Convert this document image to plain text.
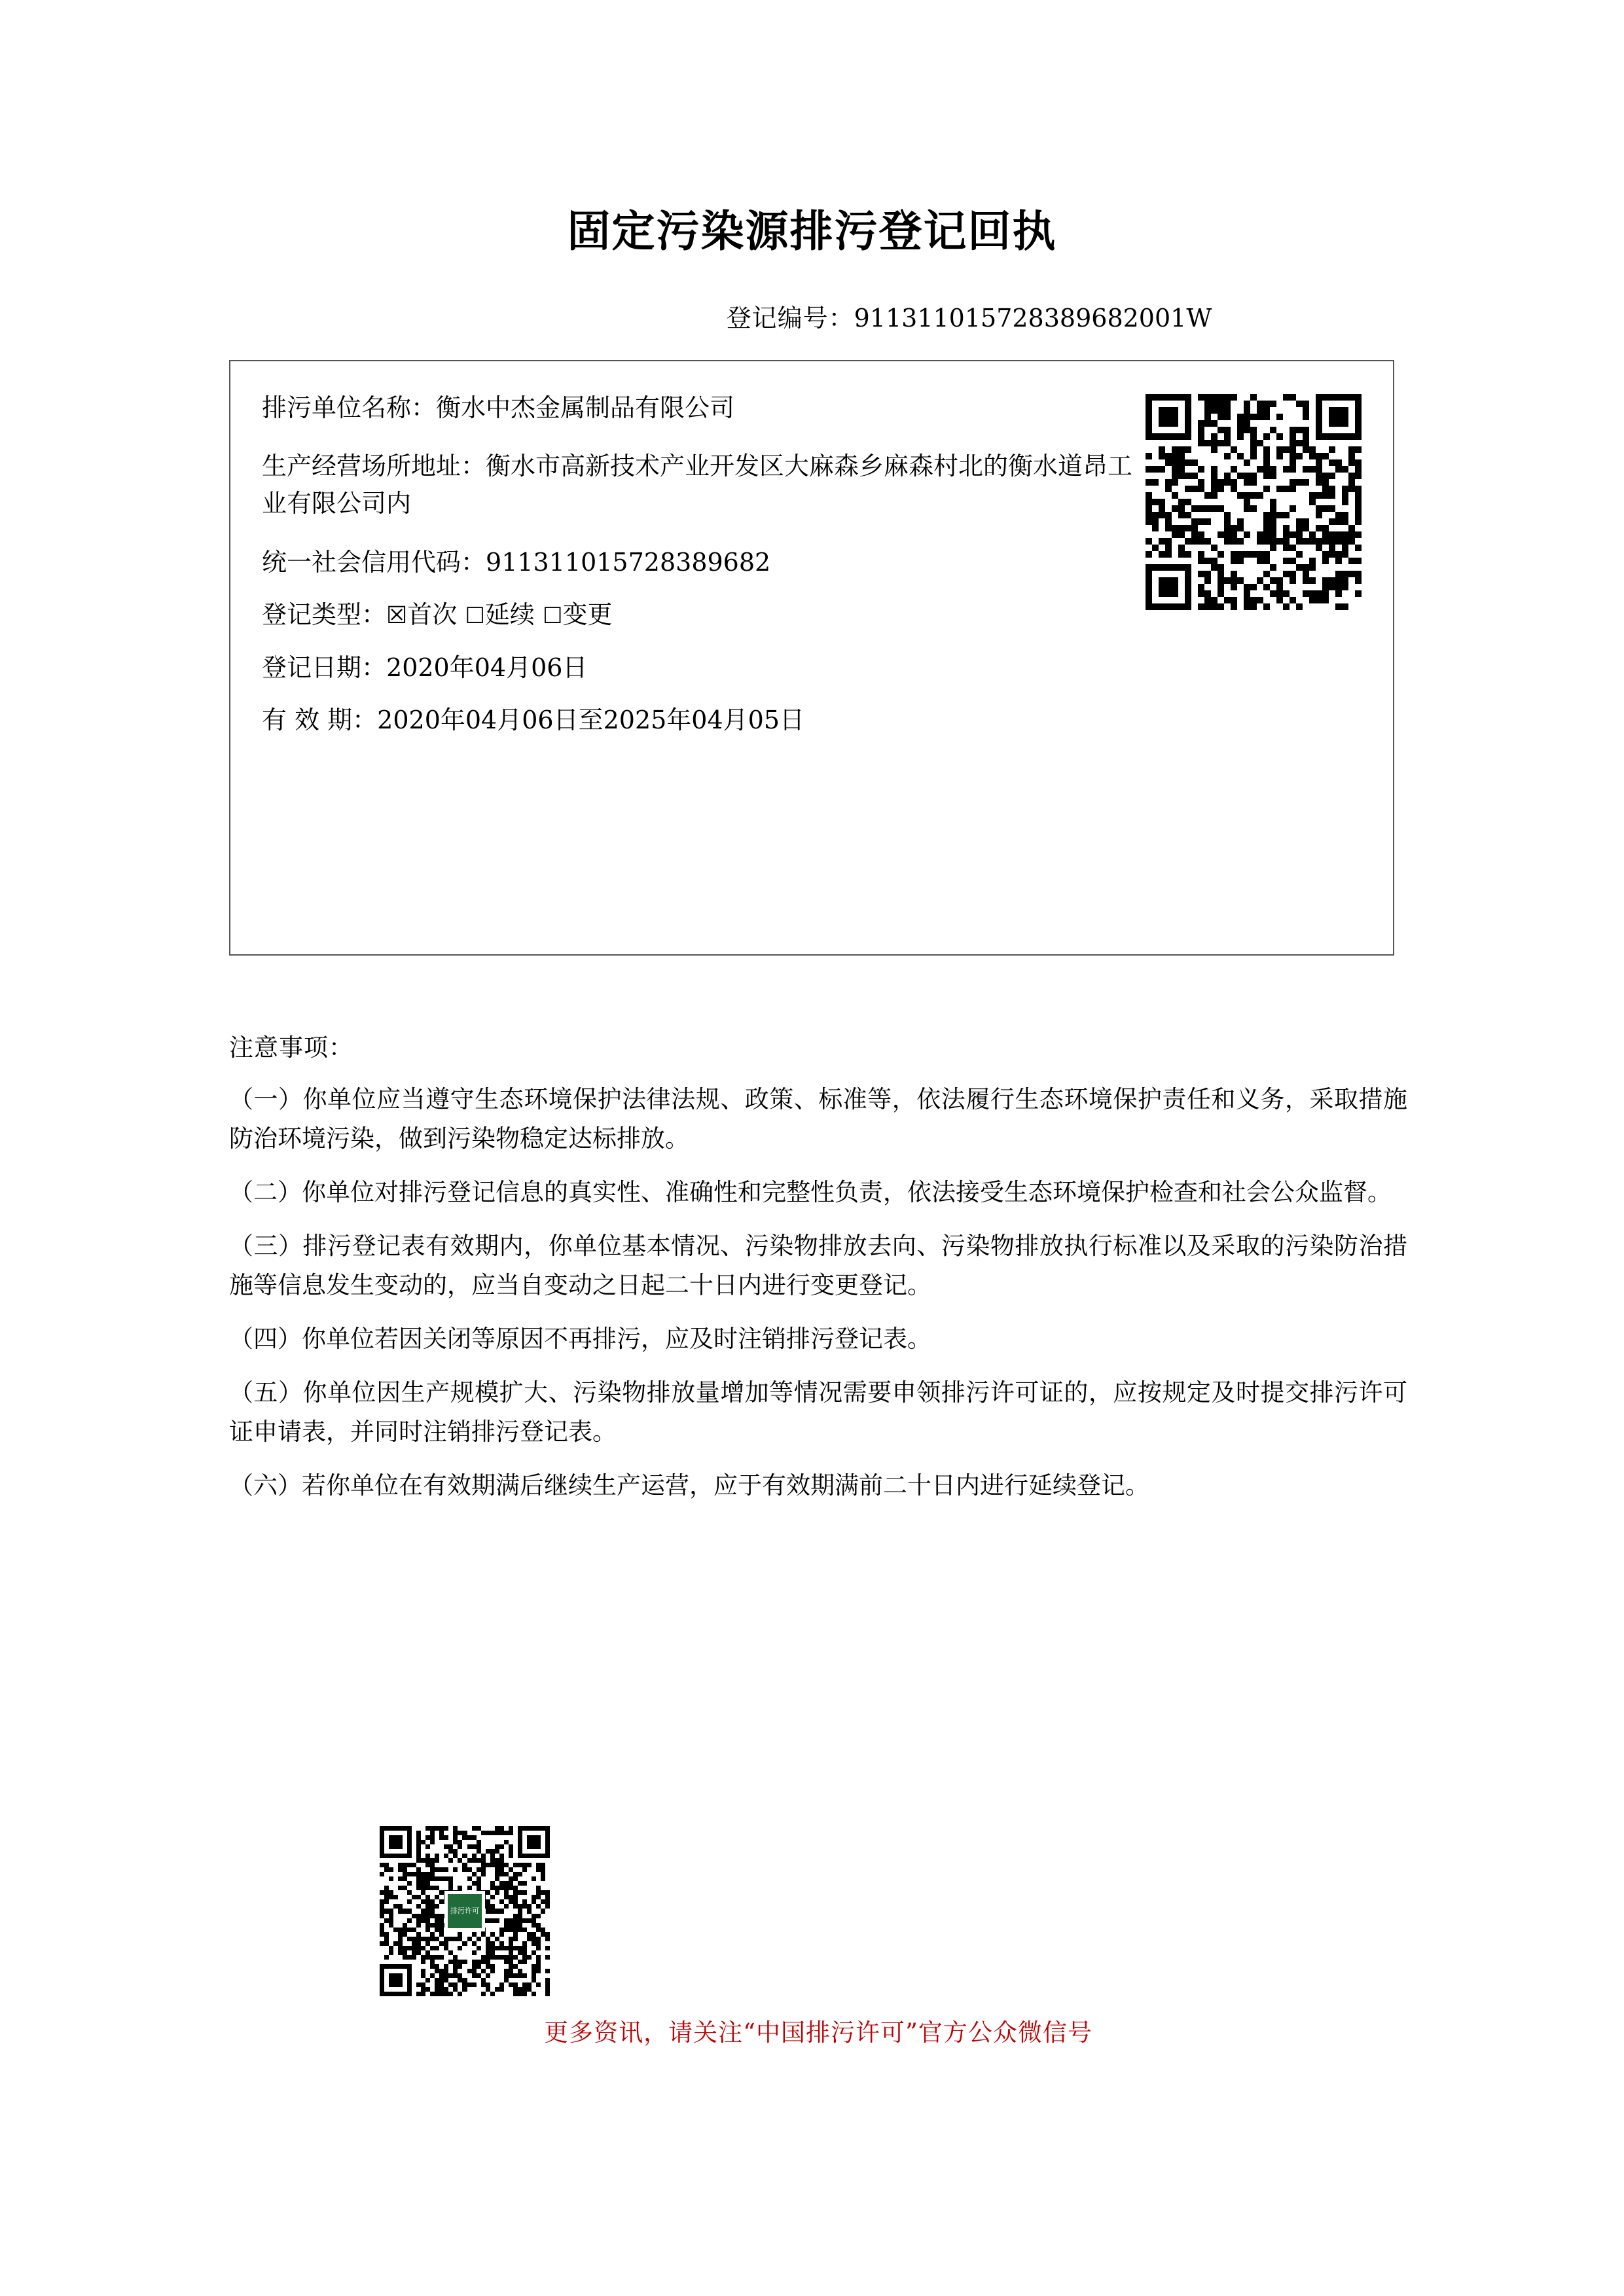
固定污染源排污登记回执
登记编号：911311015728389682001W
排污单位名称：衡水中杰金属制品有限公司
生产经营场所地址：衡水市高新技术产业开发区大麻森乡麻森村北的衡水道昂工业有限公司内
统一社会信用代码：911311015728389682
登记类型：☒首次 ☐延续 ☐变更
登记日期：2020年04月06日
有 效 期：2020年04月06日至2025年04月05日
注意事项：
（一）你单位应当遵守生态环境保护法律法规、政策、标准等，依法履行生态环境保护责任和义务，采取措施防治环境污染，做到污染物稳定达标排放。
（二）你单位对排污登记信息的真实性、准确性和完整性负责，依法接受生态环境保护检查和社会公众监督。
（三）排污登记表有效期内，你单位基本情况、污染物排放去向、污染物排放执行标准以及采取的污染防治措施等信息发生变动的，应当自变动之日起二十日内进行变更登记。
（四）你单位若因关闭等原因不再排污，应及时注销排污登记表。
（五）你单位因生产规模扩大、污染物排放量增加等情况需要申领排污许可证的，应按规定及时提交排污许可证申请表，并同时注销排污登记表。
（六）若你单位在有效期满后继续生产运营，应于有效期满前二十日内进行延续登记。
排污许可
更多资讯，请关注“中国排污许可”官方公众微信号
